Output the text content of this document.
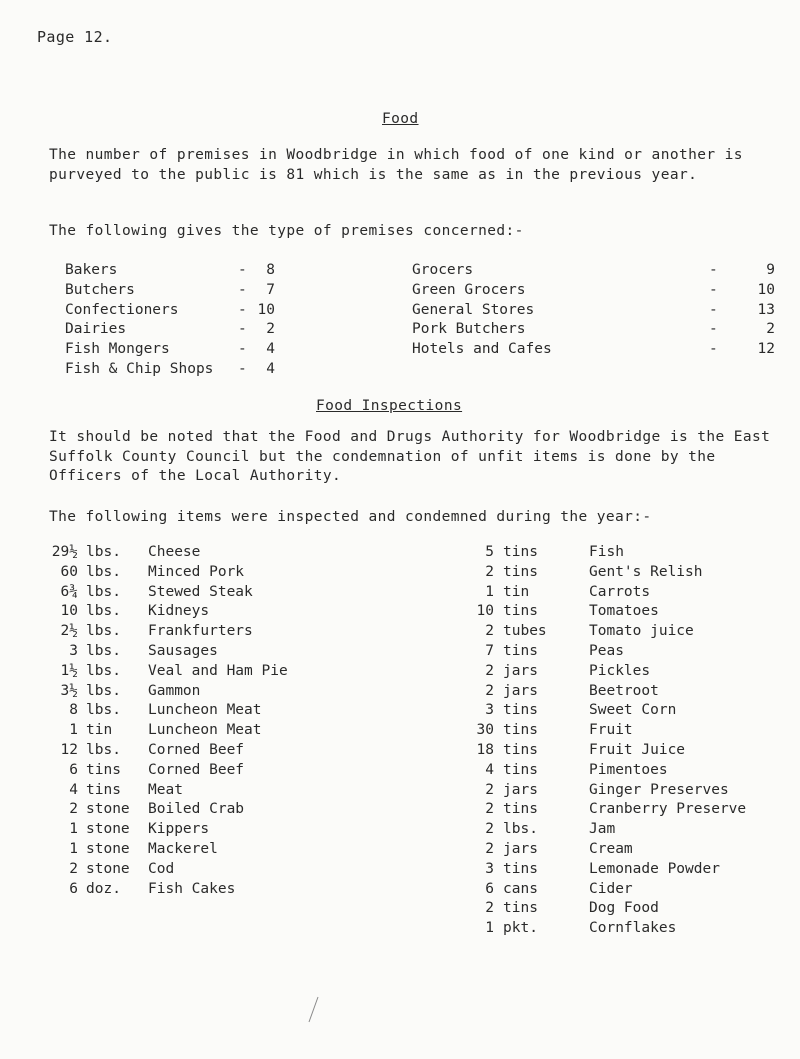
Page 12.
Food
The number of premises in Woodbridge in which food of one kind or another is purveyed to the public is 81 which is the same as in the previous year.
The following gives the type of premises concerned:-
Bakers	- 8
Butchers	- 7
Confectioners	- 10
Dairies	- 2
Fish Mongers	- 4
Fish & Chip Shops - 4
Grocers	-	9
Green Grocers	-	10
General Stores	-	13
Pork Butchers	-	2
Hotels and Cafes	-	12
Food Inspections
It should be noted that the Food and Drugs Authority for Woodbridge is the East Suffolk County Council but the condemnation of unfit items is done by the Officers of the Local Authority.
The following items were inspected and condemned during the year:-
29½ lbs. Cheese
60 lbs. Minced Pork
6¾ lbs. Stewed Steak
10 lbs. Kidneys
2½ lbs. Frankfurters
3 lbs. Sausages
1½ lbs. Veal and Ham Pie
3½ lbs. Gammon
8 lbs. Luncheon Meat
1 tin Luncheon Meat
12 lbs. Corned Beef
6 tins Corned Beef
4 tins Meat
2 stone Boiled Crab
1 stone Kippers
1 stone Mackerel
2 stone Cod
6 doz. Fish Cakes
5 tins	Fish
2 tins	Gent's Relish
1 tin	Carrots
10 tins	Tomatoes
2 tubes	Tomato juice
7 tins	Peas
2 jars	Pickles
2 jars	Beetroot
3 tins	Sweet Corn
30 tins	Fruit
18 tins	Fruit Juice
4 tins	Pimentoes
2 jars	Ginger Preserves
2 tins	Cranberry Preserve
2 lbs.	Jam
2 jars	Cream
3 tins	Lemonade Powder
6 cans	Cider
2 tins	Dog Food
1 pkt.	Cornflakes
